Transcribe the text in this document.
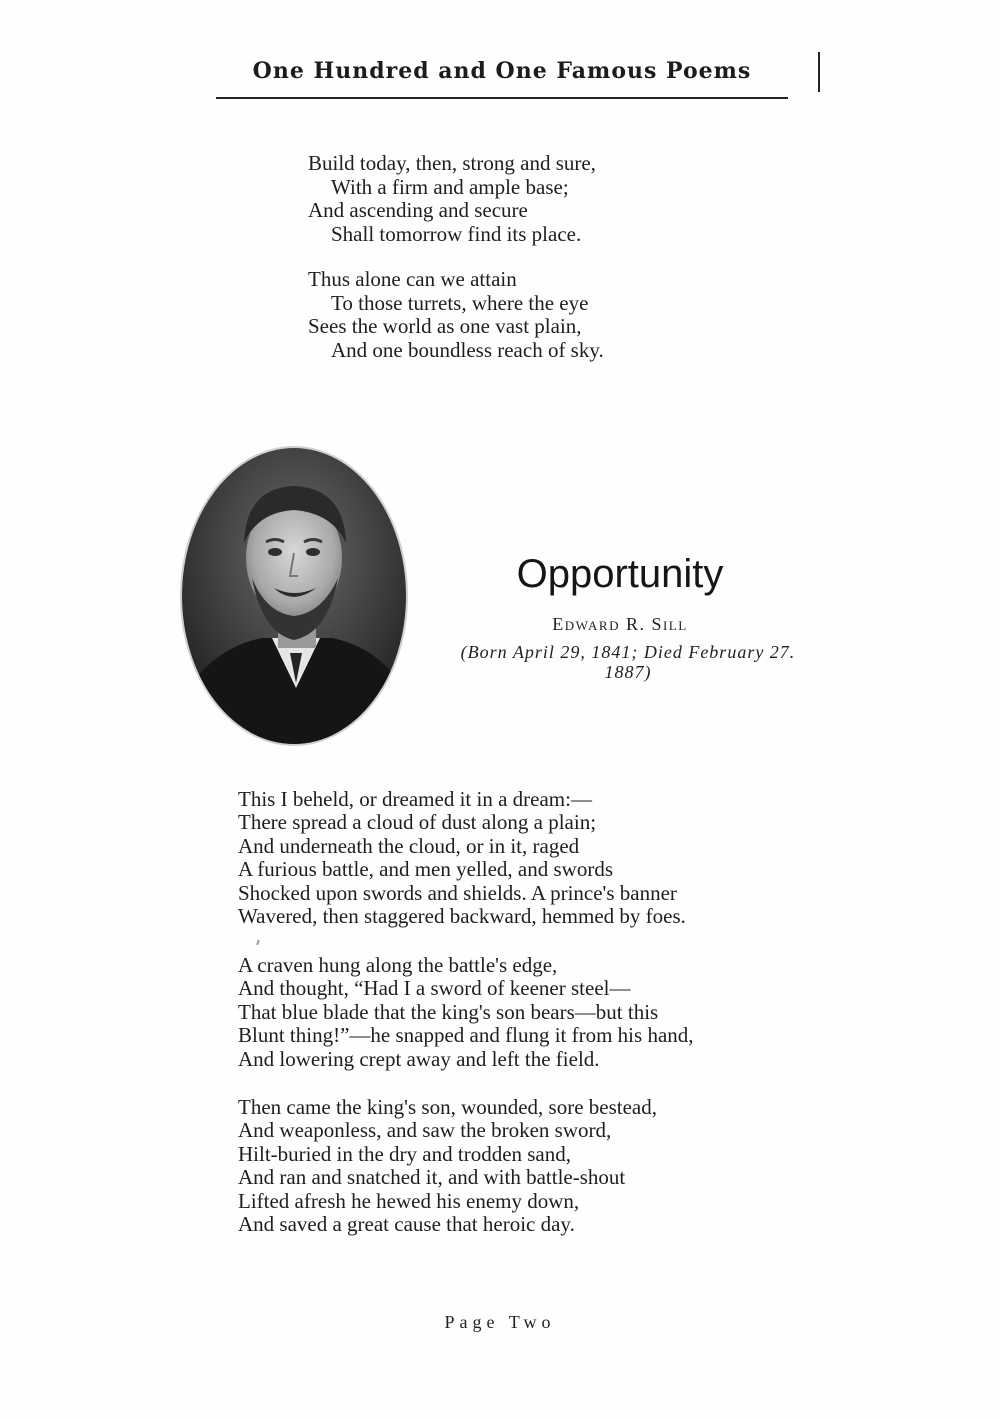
One Hundred and One Famous Poems
Build today, then, strong and sure,
With a firm and ample base;
And ascending and secure
Shall tomorrow find its place.
Thus alone can we attain
To those turrets, where the eye
Sees the world as one vast plain,
And one boundless reach of sky.
Opportunity
Edward R. Sill
(Born April 29, 1841; Died February 27. 1887)
This I beheld, or dreamed it in a dream:—
There spread a cloud of dust along a plain;
And underneath the cloud, or in it, raged
A furious battle, and men yelled, and swords
Shocked upon swords and shields. A prince's banner
Wavered, then staggered backward, hemmed by foes.
A craven hung along the battle's edge,
And thought, “Had I a sword of keener steel—
That blue blade that the king's son bears—but this
Blunt thing!”—he snapped and flung it from his hand,
And lowering crept away and left the field.
Then came the king's son, wounded, sore bestead,
And weaponless, and saw the broken sword,
Hilt-buried in the dry and trodden sand,
And ran and snatched it, and with battle-shout
Lifted afresh he hewed his enemy down,
And saved a great cause that heroic day.
Page Two
